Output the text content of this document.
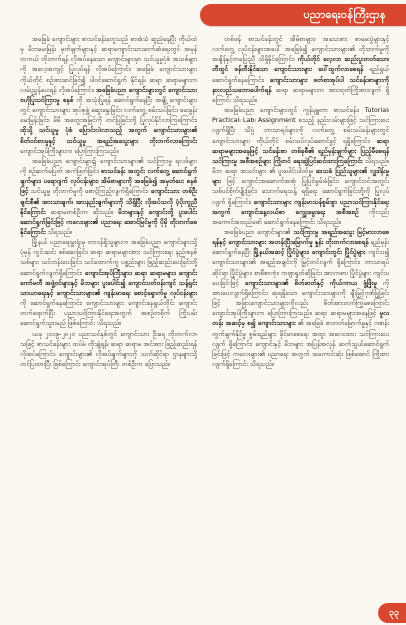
ပညာရေးဝန်ကြီးဌာန

အခြေခံ ကျောင်းများ စာသင်ခန်းတွေသည် စာအံသံ ဆူညံနေပြီး ကိုယ်ထဲမှ မိဘမေးမြန်း မှတ်ချက်များနှင့် ဆရာကျောင်းသားဆက်ဆံရေးတွင် အမှန်တကယ် တိုးတက်ရန် လိုအပ်နေသော ကျောင်းများမှာ သင်ယူမှုပုံစံ အသစ်များကို အလေ့အကျင့် ပြုလုပ်ရန် လိုအပ်ကြောင်း၊ အခြေခံ ကျောင်းသားများ ကိုယ်တိုင် စဉ်းစားဆင်ခြင်၍ ပါဝင်ဆောင်ရွက် နိုင်ရန်၊ ဆရာ ဆရာမများက လမ်းညွှန်ပေးရန် လိုအပ်ကြောင်း၊ အခြေခံပညာ ကျောင်းများတွင် ကျောင်းသား ဗဟိုပြုသင်ကြားမှု စနစ် ကို အသုံးပြုရန် ဆောင်ရွက်နေပြီး အချို့ ကျောင်းများတွင် ကျောင်းသားများ အုပ်စုဖွဲ့ ဆွေးနွေးခြင်း၊ လက်တွေ့ စမ်းသပ်ခြင်း၊ မေးခွန်းမေးမြန်းခြင်း၊ မိမိ အတွေးအမြင်ကို တင်ပြခြင်းတို့ ပြုလုပ်နိုင်လာကြကြောင်း၊ ထိုသို့ သင်ယူမှု ပုံစံ ပြောင်းလဲလာသည့် အတွက် ကျောင်းသားများ၏ စိတ်ဝင်စားမှုနှင့် သင်ယူမှု အရည်အသွေးများ တိုးတက်လာကြောင်း ကျောင်းအုပ်ကြီးများက ပြောကြားကြသည်။

အခြေခံပညာ ကျောင်းများ၌ ကျောင်းသားများ၏ သင်ကြားမှု ရလဒ်များကို စဉ်ဆက်မပြတ် အကဲဖြတ်ခြင်း၊ စာသင်ခန်း အတွင်း လက်တွေ့ ဆောင်ရွက်ချက်များ၊ ပရောဂျက် လုပ်ငန်းများ၊ အိမ်စာများကို အခြေခံ၍ အမှတ်ပေး စနစ်ဖြင့် သင်ယူမှု တိုးတက်မှုကို စောင့်ကြည့်လျက်ရှိကြောင်း၊ ကျောင်းသား တစ်ဦးချင်းစီ၏ အားသာချက်၊ အားနည်းချက်များကို သိရှိပြီး လိုအပ်သလို ပံ့ပိုးကူညီနိုင်ကြောင်း ဆရာမတစ်ဦးက ဆိုသည်။ မိဘများနှင့် ကျောင်းတို့ ပူးပေါင်းဆောင်ရွက်ခြင်းဖြင့် ကလေးများ၏ ပညာရေး အောင်မြင်မှုကို ပိုမို တိုးတက်စေနိုင်ကြောင်း သိရသည်။

မြို့နယ် ပညာရေးမှူးရုံးမှ တာဝန်ရှိသူများက အခြေခံပညာ ကျောင်းများသို့ ပုံမှန် ကွင်းဆင်း စစ်ဆေးခြင်း၊ ဆရာ ဆရာမများအား သင်ကြားရေး နည်းစနစ်သစ်များ သင်တန်းပေးခြင်း၊ သင်ထောက်ကူ ပစ္စည်းများ ဖြည့်ဆည်းပေးခြင်းတို့ ဆောင်ရွက်လျက်ရှိကြောင်း၊ ကျောင်းအုပ်ကြီးများ၊ ဆရာ ဆရာမများ၊ ကျောင်းကော်မတီ အဖွဲ့ဝင်များနှင့် မိဘများ ပူးပေါင်း၍ ကျောင်းပတ်ဝန်းကျင် သန့်ရှင်းသာယာရေးနှင့် ကျောင်းသားများ၏ ကျန်းမာရေး စောင့်ရှောက်မှု လုပ်ငန်းများ ကို ဆောင်ရွက်နေကြောင်း၊ ကျောင်းသားများ ကျောင်းနေရွယ်တိုင်း ကျောင်းတက်ရောက်ပြီး ပညာသင်ကြားနိုင်ရေးအတွက် အစဉ်တစိုက် ကြိုးပမ်းဆောင်ရွက်သွားမည် ဖြစ်ကြောင်း သိရသည်။

ယခု ၂၀၁၉-၂၀၂၀ ပညာသင်နှစ်တွင် ကျောင်းသား ဦးရေ တိုးတက်လာသဖြင့် စာသင်ခန်းများ ထပ်မံ တိုးချဲ့ရန်၊ ဆရာ ဆရာမ အင်အား ဖြည့်ဆည်းရန် လိုအပ်ကြောင်း၊ ကျောင်းများ၏ လိုအပ်ချက်များကို သက်ဆိုင်ရာ ဌာနများသို့ တင်ပြထားပြီး ဖြစ်ကြောင်း ကျောင်းအုပ်ကြီး တစ်ဦးက ပြောသည်။

တစ်ဖန် စာသင်ခန်းတွင် အိမ်စာများ၊ အသေးစား စာမေးပွဲများနှင့် လက်တွေ့ လုပ်ငန်းများအပေါ် အခြေခံ၍ ကျောင်းသားများ၏ တိုးတက်မှုကို အချိန်နှင့်တပြေးညီ သိရှိနိုင်ကြောင်း၊ ကိုယ်တိုင် လေ့လာ ဆည်းပူးတတ်သော၊ တီထွင် ဖန်တီးနိုင်သော ကျောင်းသားများ ပေါ်ထွက်လာစေရန် ရည်ရွယ်ဆောင်ရွက်နေကြောင်း၊ ကျောင်းသားများ ဖတ်စာအုပ်ပါ သင်ခန်းစာများကို နားလည်သဘောပေါက်ရန် ဆရာ ဆရာမများက အားထုတ်ကြိုးစားလျက် ရှိကြောင်း သိရသည်။

အခြေခံပညာ ကျောင်းများတွင် ကွန်ပျူတာ စာသင်ခန်း၊ Tutorial၊ Practical၊ Lab၊ Assignment စသည့် နည်းလမ်းများဖြင့် သင်ကြားပေးလျက်ရှိပြီး သိပ္ပံ ဘာသာရပ်များကို လက်တွေ့ စမ်းသပ်ခန်းများတွင် ကျောင်းသားများ ကိုယ်တိုင် စမ်းသပ်လုပ်ဆောင်ခွင့် ရရှိကြောင်း၊ ဆရာ ဆရာမများအနေဖြင့် သင်ခန်းစာ တစ်ခုစီ၏ ရည်မှန်းချက်များ ပြည့်မီစေရန် သင်ကြားမှု အစီအစဉ်များ ကြိုတင် ရေးဆွဲပြင်ဆင်ထားကြကြောင်း သိရသည်။ မိဘ ဆရာ အသင်းများ ၏ ပူးပေါင်းပါဝင်မှု၊ ဒေသခံ ပြည်သူများ၏ လှူဒါန်းမှုများ ဖြင့် ကျောင်းအဆောက်အအုံ ပြုပြင်မွမ်းမံခြင်း၊ ကျောင်းဝင်းအတွင်း သစ်ပင်စိုက်ပျိုးခြင်း၊ သောက်ရေသန့် ရရှိရေး ဆောင်ရွက်ခြင်းတို့ကို ပြုလုပ်လျက် ရှိကြောင်း၊ ကျောင်းသားများ ကျန်းမာသန်စွမ်းစွာ ပညာသင်ကြားနိုင်ရေးအတွက် ကျောင်းနေ့လယ်စာ ကျွေးမွေးရေး အစီအစဉ် ကိုလည်း အကောင်အထည်ဖော် ဆောင်ရွက်နေကြောင်း သိရသည်။

အခြေခံပညာ ကျောင်းများ၏ သင်ကြားမှု အရည်အသွေး မြင့်မားလာစေရန်နှင့် ကျောင်းသားများ အတန်းပြီးမြောက်မှု နှုန်း တိုးတက်လာစေရန် ရည်မှန်းဆောင်ရွက်နေပြီး မြို့နယ်အဆင့် ပြိုင်ပွဲများ၊ ကျောင်းတွင်း ပြိုင်ပွဲများ ကျင်းပ၍ ကျောင်းသားများ၏ အရည်အချင်းကို မြှင့်တင်လျက် ရှိကြောင်း၊ ဘာသာရပ်ဆိုင်ရာ ပြိုင်ပွဲများ၊ စာစီစာကုံး၊ ကဗျာရွတ်ဆိုခြင်း၊ အားကစား ပြိုင်ပွဲများ ကျင်းပပေးခြင်းဖြင့် ကျောင်းသားများ၏ စိတ်ဓာတ်နှင့် ကိုယ်ကာယ ဖွံ့ဖြိုးမှု ကို အားပေးလျက်ရှိကြောင်း၊ ဆုရရှိသော ကျောင်းသားများကို ချီးမြှင့်ဂုဏ်ပြုခြင်းဖြင့် အခြားကျောင်းသားများကိုလည်း စိတ်အားတက်ကြွစေကြောင်း ကျောင်းအုပ်ကြီးများက ပြောကြားကြသည်။ ဆရာ ဆရာမများအနေဖြင့် မူလတန်း အဆင့်မှ စ၍ ကျောင်းသားများ ၏ အခြေခံ စာတတ်မြောက်မှုနှင့် ဂဏန်း တွက်ချက်နိုင်မှု စွမ်းရည်များ ခိုင်မာစေရေး အထူး အလေးထား သင်ကြားပေးလျက် ရှိကြောင်း၊ ကျောင်းနှင့် မိဘများ အပြန်အလှန် ဆက်သွယ်ဆောင်ရွက်ခြင်းဖြင့် ကလေးများ၏ ပညာရေး အတွက် အကောင်းဆုံး ဖြစ်အောင် ကြိုးစားလျက်ရှိကြောင်း သိရသည်။

၃၃
